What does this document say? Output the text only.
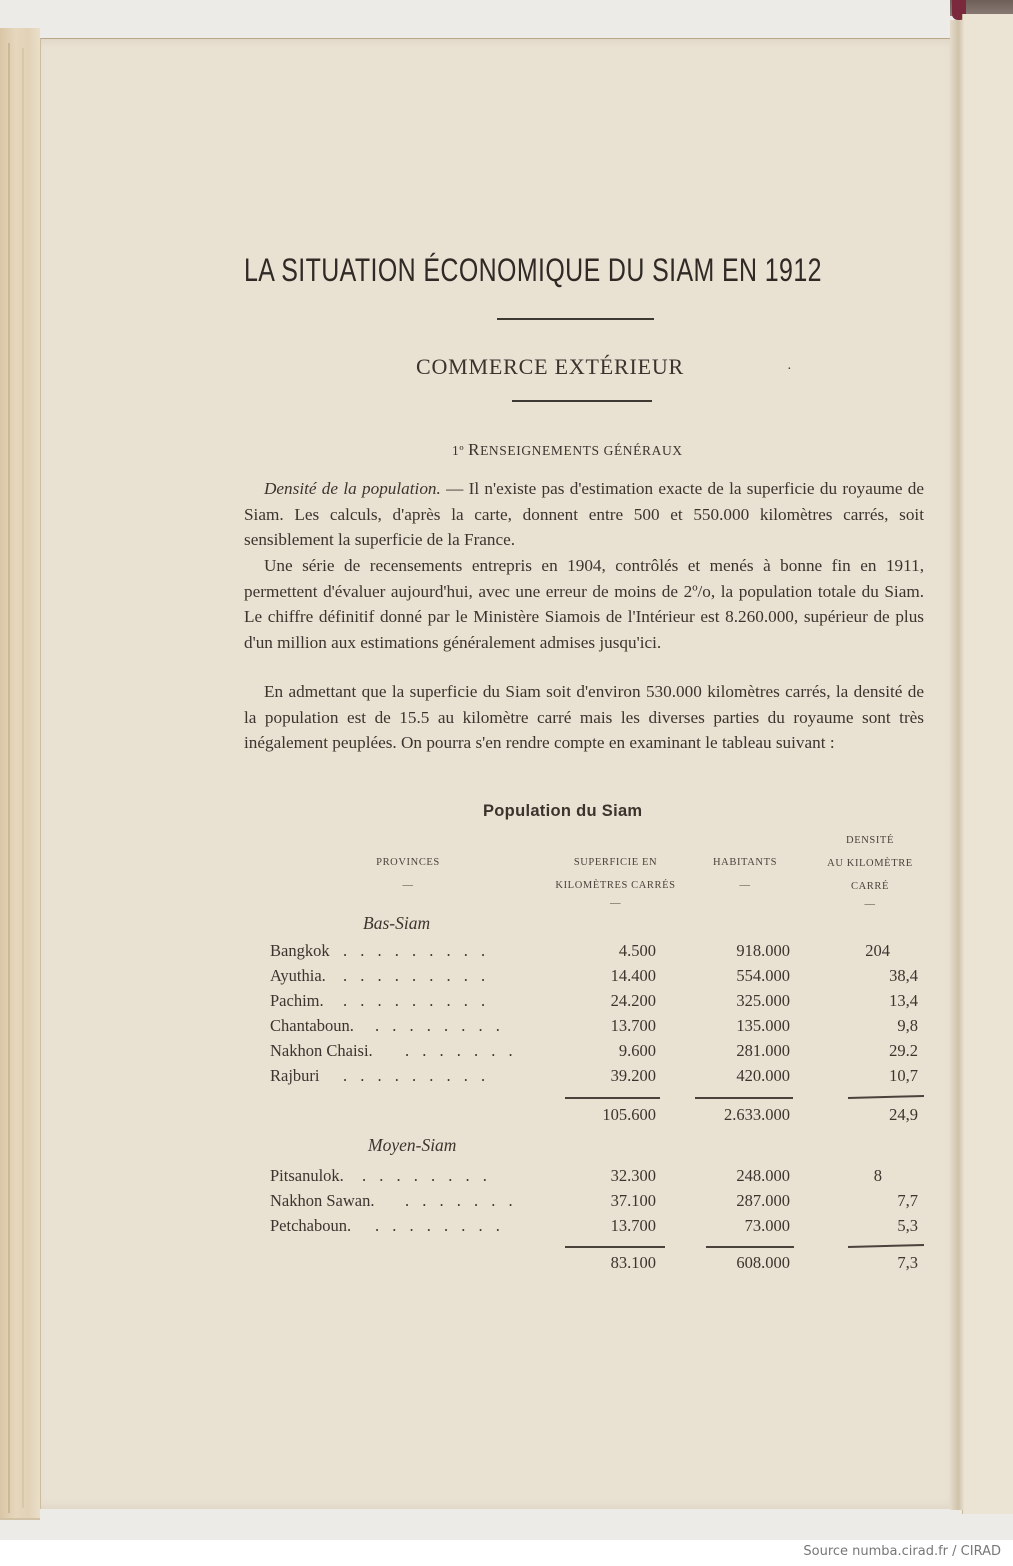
LA SITUATION ÉCONOMIQUE DU SIAM EN 1912
COMMERCE EXTÉRIEUR	·
1º RENSEIGNEMENTS GÉNÉRAUX
Densité de la population. — Il n'existe pas d'estimation exacte de la superficie du royaume de Siam. Les calculs, d'après la carte, donnent entre 500 et 550.000 kilomètres carrés, soit sensiblement la superficie de la France.
Une série de recensements entrepris en 1904, contrôlés et menés à bonne fin en 1911, permettent d'évaluer aujourd'hui, avec une erreur de moins de 2º/o, la population totale du Siam. Le chiffre définitif donné par le Ministère Siamois de l'Intérieur est 8.260.000, supérieur de plus d'un million aux estimations généralement admises jusqu'ici.
En admettant que la superficie du Siam soit d'environ 530.000 kilomètres carrés, la densité de la population est de 15.5 au kilomètre carré mais les diverses parties du royaume sont très inégalement peuplées. On pourra s'en rendre compte en examinant le tableau suivant :
Population du Siam
PROVINCES
—
SUPERFICIE EN
KILOMÈTRES CARRÉS
—
HABITANTS
—
DENSITÉ
AU KILOMÈTRE
CARRÉ
—
Bas-Siam
Bangkok . . . . . . . . .	4.500	918.000	204
Ayuthia. . . . . . . . . .	14.400	554.000	38,4
Pachim. . . . . . . . . .	24.200	325.000	13,4
Chantaboun. . . . . . . . .	13.700	135.000	9,8
Nakhon Chaisi. . . . . . . .	9.600	281.000	29.2
Rajburi . . . . . . . . .	39.200	420.000	10,7
105.600	2.633.000	24,9
Moyen-Siam
Pitsanulok. . . . . . . . .	32.300	248.000	8
Nakhon Sawan. . . . . . . .	37.100	287.000	7,7
Petchaboun. . . . . . . . .	13.700	73.000	5,3
83.100	608.000	7,3
Source numba.cirad.fr / CIRAD
